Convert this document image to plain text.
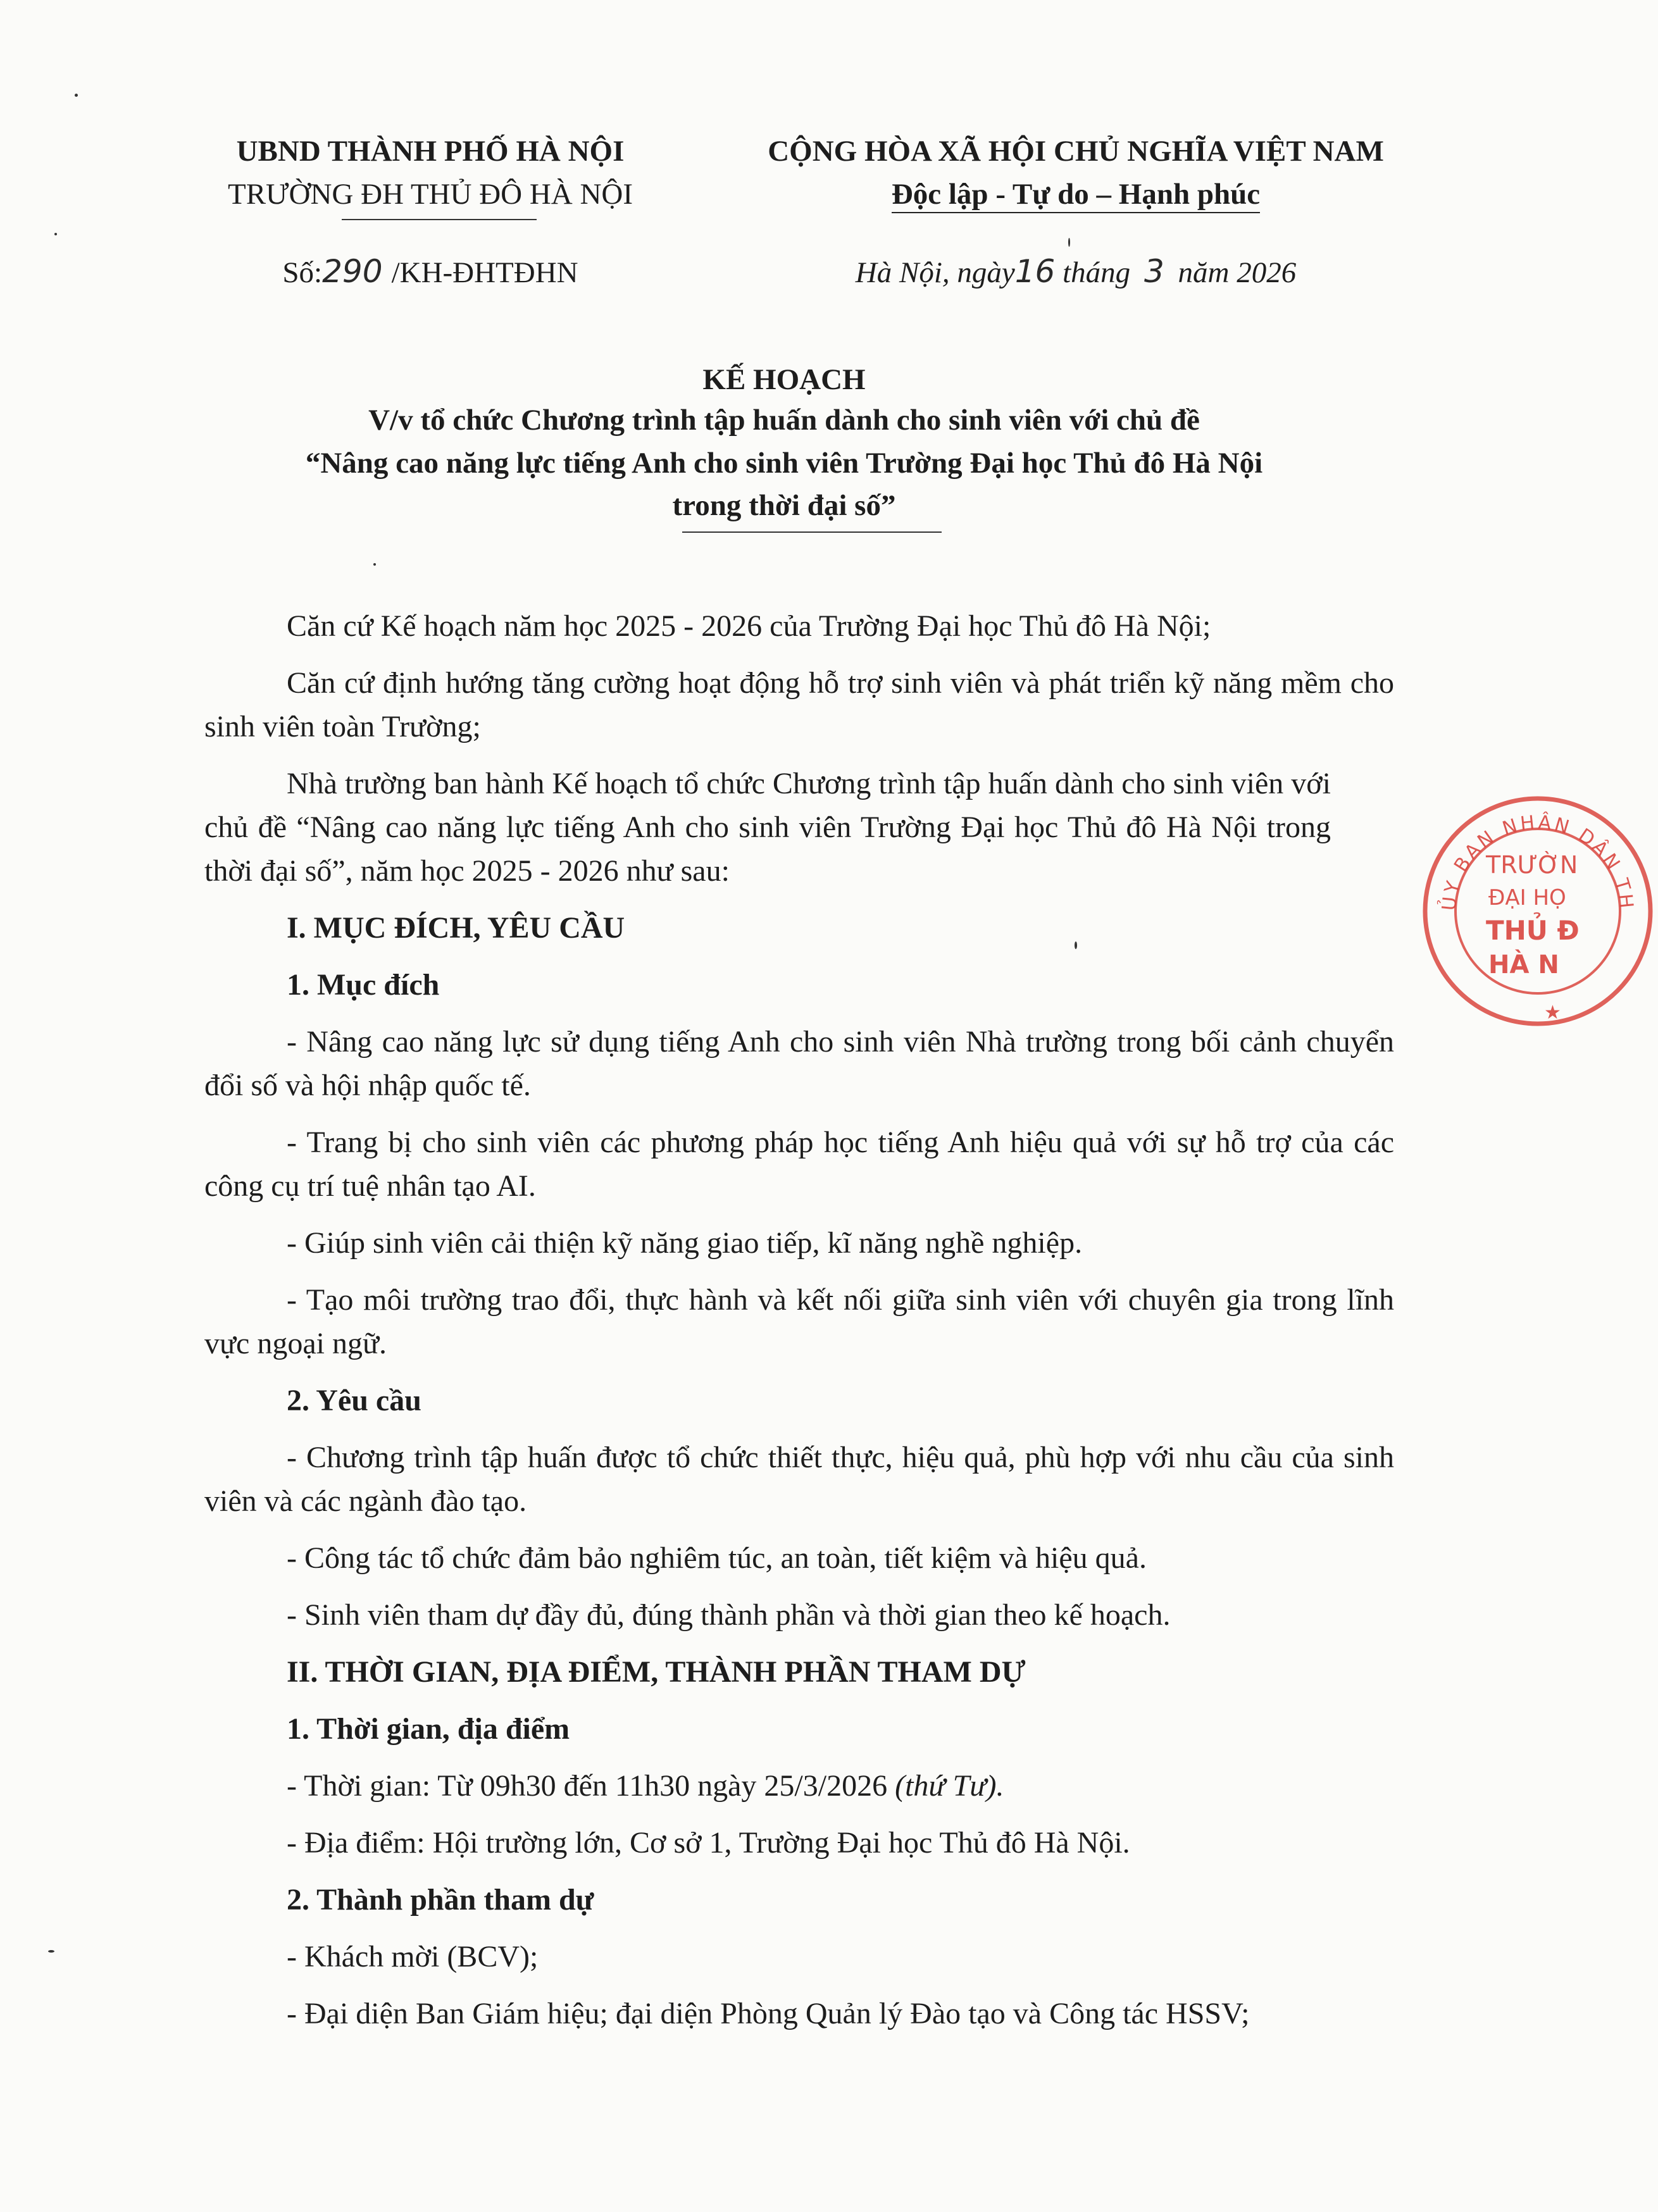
UBND THÀNH PHỐ HÀ NỘI
TRƯỜNG ĐH THỦ ĐÔ HÀ NỘI
Số:290 /KH-ĐHTĐHN
CỘNG HÒA XÃ HỘI CHỦ NGHĨA VIỆT NAM
Độc lập - Tự do – Hạnh phúc
Hà Nội, ngày16 tháng 3 năm 2026
KẾ HOẠCH
V/v tổ chức Chương trình tập huấn dành cho sinh viên với chủ đề
“Nâng cao năng lực tiếng Anh cho sinh viên Trường Đại học Thủ đô Hà Nội
trong thời đại số”

Căn cứ Kế hoạch năm học 2025 - 2026 của Trường Đại học Thủ đô Hà Nội;

Căn cứ định hướng tăng cường hoạt động hỗ trợ sinh viên và phát triển kỹ năng mềm cho sinh viên toàn Trường;

Nhà trường ban hành Kế hoạch tổ chức Chương trình tập huấn dành cho sinh viên với chủ đề “Nâng cao năng lực tiếng Anh cho sinh viên Trường Đại học Thủ đô Hà Nội trong thời đại số”, năm học 2025 - 2026 như sau:

I. MỤC ĐÍCH, YÊU CẦU

1. Mục đích

- Nâng cao năng lực sử dụng tiếng Anh cho sinh viên Nhà trường trong bối cảnh chuyển đổi số và hội nhập quốc tế.

- Trang bị cho sinh viên các phương pháp học tiếng Anh hiệu quả với sự hỗ trợ của các công cụ trí tuệ nhân tạo AI.

- Giúp sinh viên cải thiện kỹ năng giao tiếp, kĩ năng nghề nghiệp.

- Tạo môi trường trao đổi, thực hành và kết nối giữa sinh viên với chuyên gia trong lĩnh vực ngoại ngữ.

2. Yêu cầu

- Chương trình tập huấn được tổ chức thiết thực, hiệu quả, phù hợp với nhu cầu của sinh viên và các ngành đào tạo.

- Công tác tổ chức đảm bảo nghiêm túc, an toàn, tiết kiệm và hiệu quả.

- Sinh viên tham dự đầy đủ, đúng thành phần và thời gian theo kế hoạch.

II. THỜI GIAN, ĐỊA ĐIỂM, THÀNH PHẦN THAM DỰ

1. Thời gian, địa điểm

- Thời gian: Từ 09h30 đến 11h30 ngày 25/3/2026 (thứ Tư).

- Địa điểm: Hội trường lớn, Cơ sở 1, Trường Đại học Thủ đô Hà Nội.

2. Thành phần tham dự

- Khách mời (BCV);

- Đại diện Ban Giám hiệu; đại diện Phòng Quản lý Đào tạo và Công tác HSSV;

ỦY BAN NHÂN DÂN TH
TRƯỜN
ĐẠI HỌ
THỦ Đ
HÀ N
★
